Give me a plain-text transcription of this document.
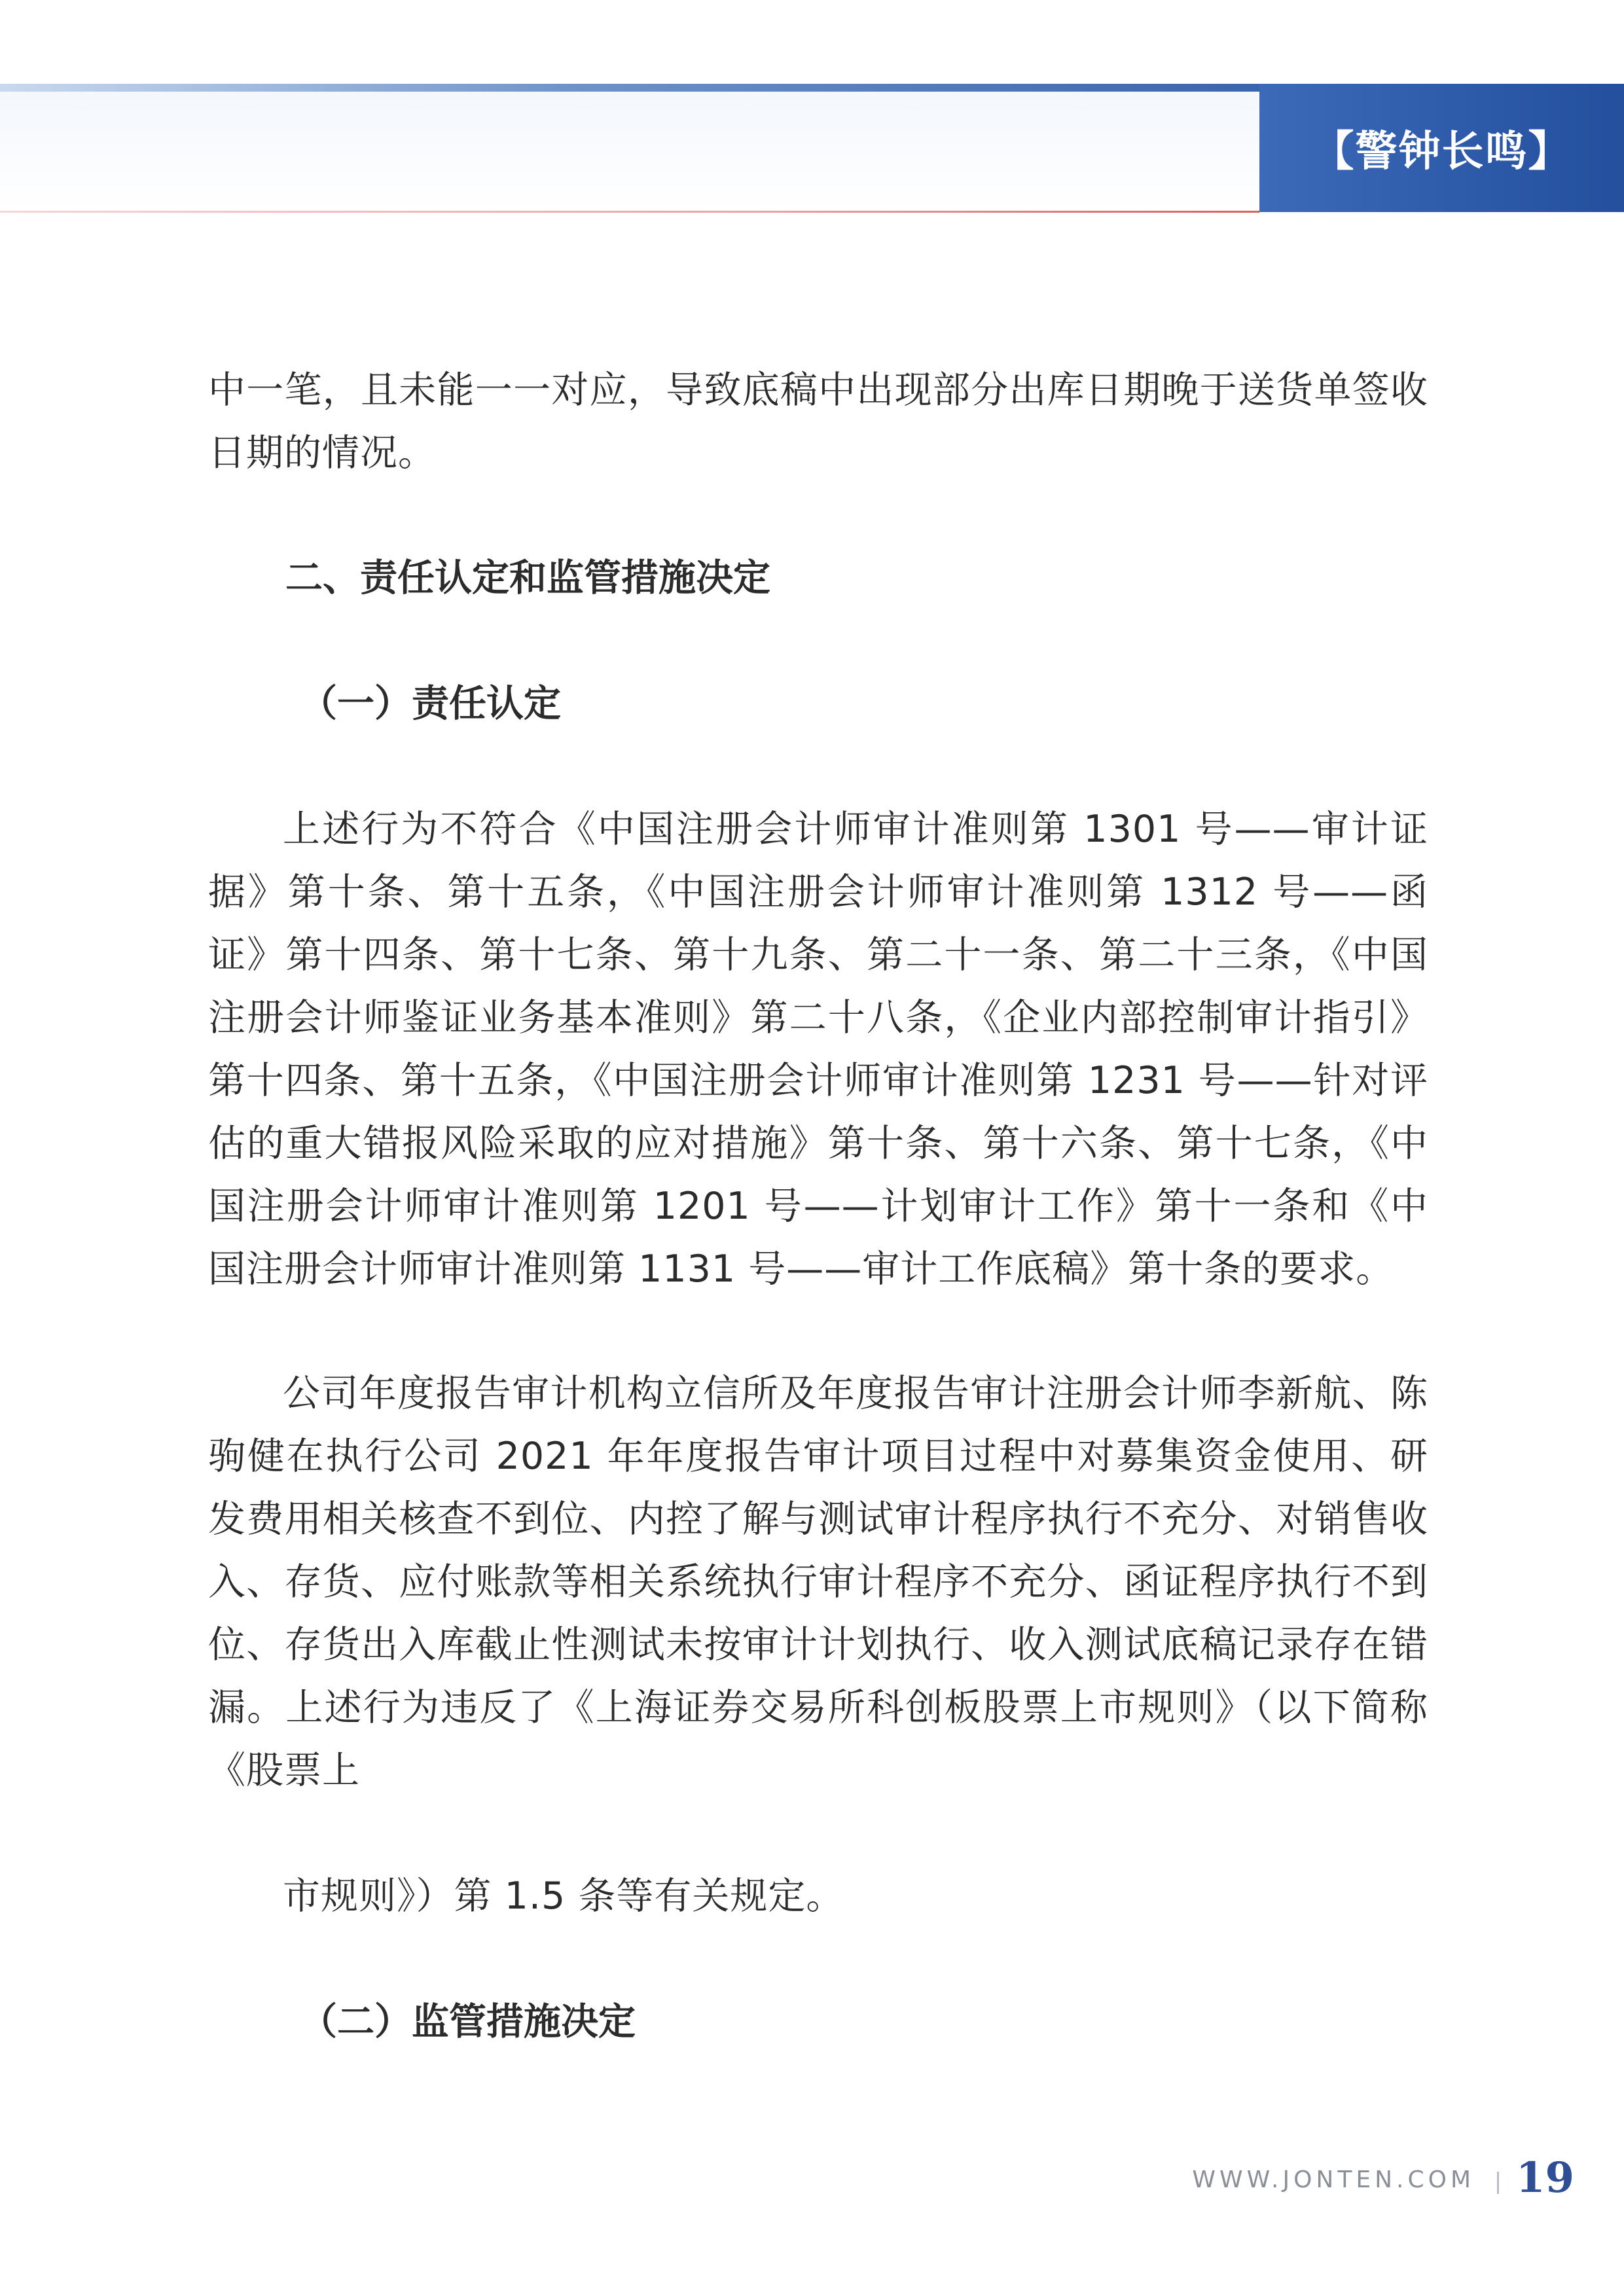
【警钟长鸣】

中一笔，且未能一一对应，导致底稿中出现部分出库日期晚于送货单签收日期的情况。

二、责任认定和监管措施决定

（一）责任认定

上述行为不符合《中国注册会计师审计准则第 1301 号——审计证据》第十条、第十五条，《中国注册会计师审计准则第 1312 号——函证》第十四条、第十七条、第十九条、第二十一条、第二十三条，《中国注册会计师鉴证业务基本准则》第二十八条，《企业内部控制审计指引》第十四条、第十五条，《中国注册会计师审计准则第 1231 号——针对评估的重大错报风险采取的应对措施》第十条、第十六条、第十七条，《中国注册会计师审计准则第 1201 号——计划审计工作》第十一条和《中国注册会计师审计准则第 1131 号——审计工作底稿》第十条的要求。

公司年度报告审计机构立信所及年度报告审计注册会计师李新航、陈驹健在执行公司 2021 年年度报告审计项目过程中对募集资金使用、研发费用相关核查不到位、内控了解与测试审计程序执行不充分、对销售收入、存货、应付账款等相关系统执行审计程序不充分、函证程序执行不到位、存货出入库截止性测试未按审计计划执行、收入测试底稿记录存在错漏。上述行为违反了《上海证券交易所科创板股票上市规则》（以下简称《股票上

市规则》）第 1.5 条等有关规定。

（二）监管措施决定

WWW.JONTEN.COM 19
